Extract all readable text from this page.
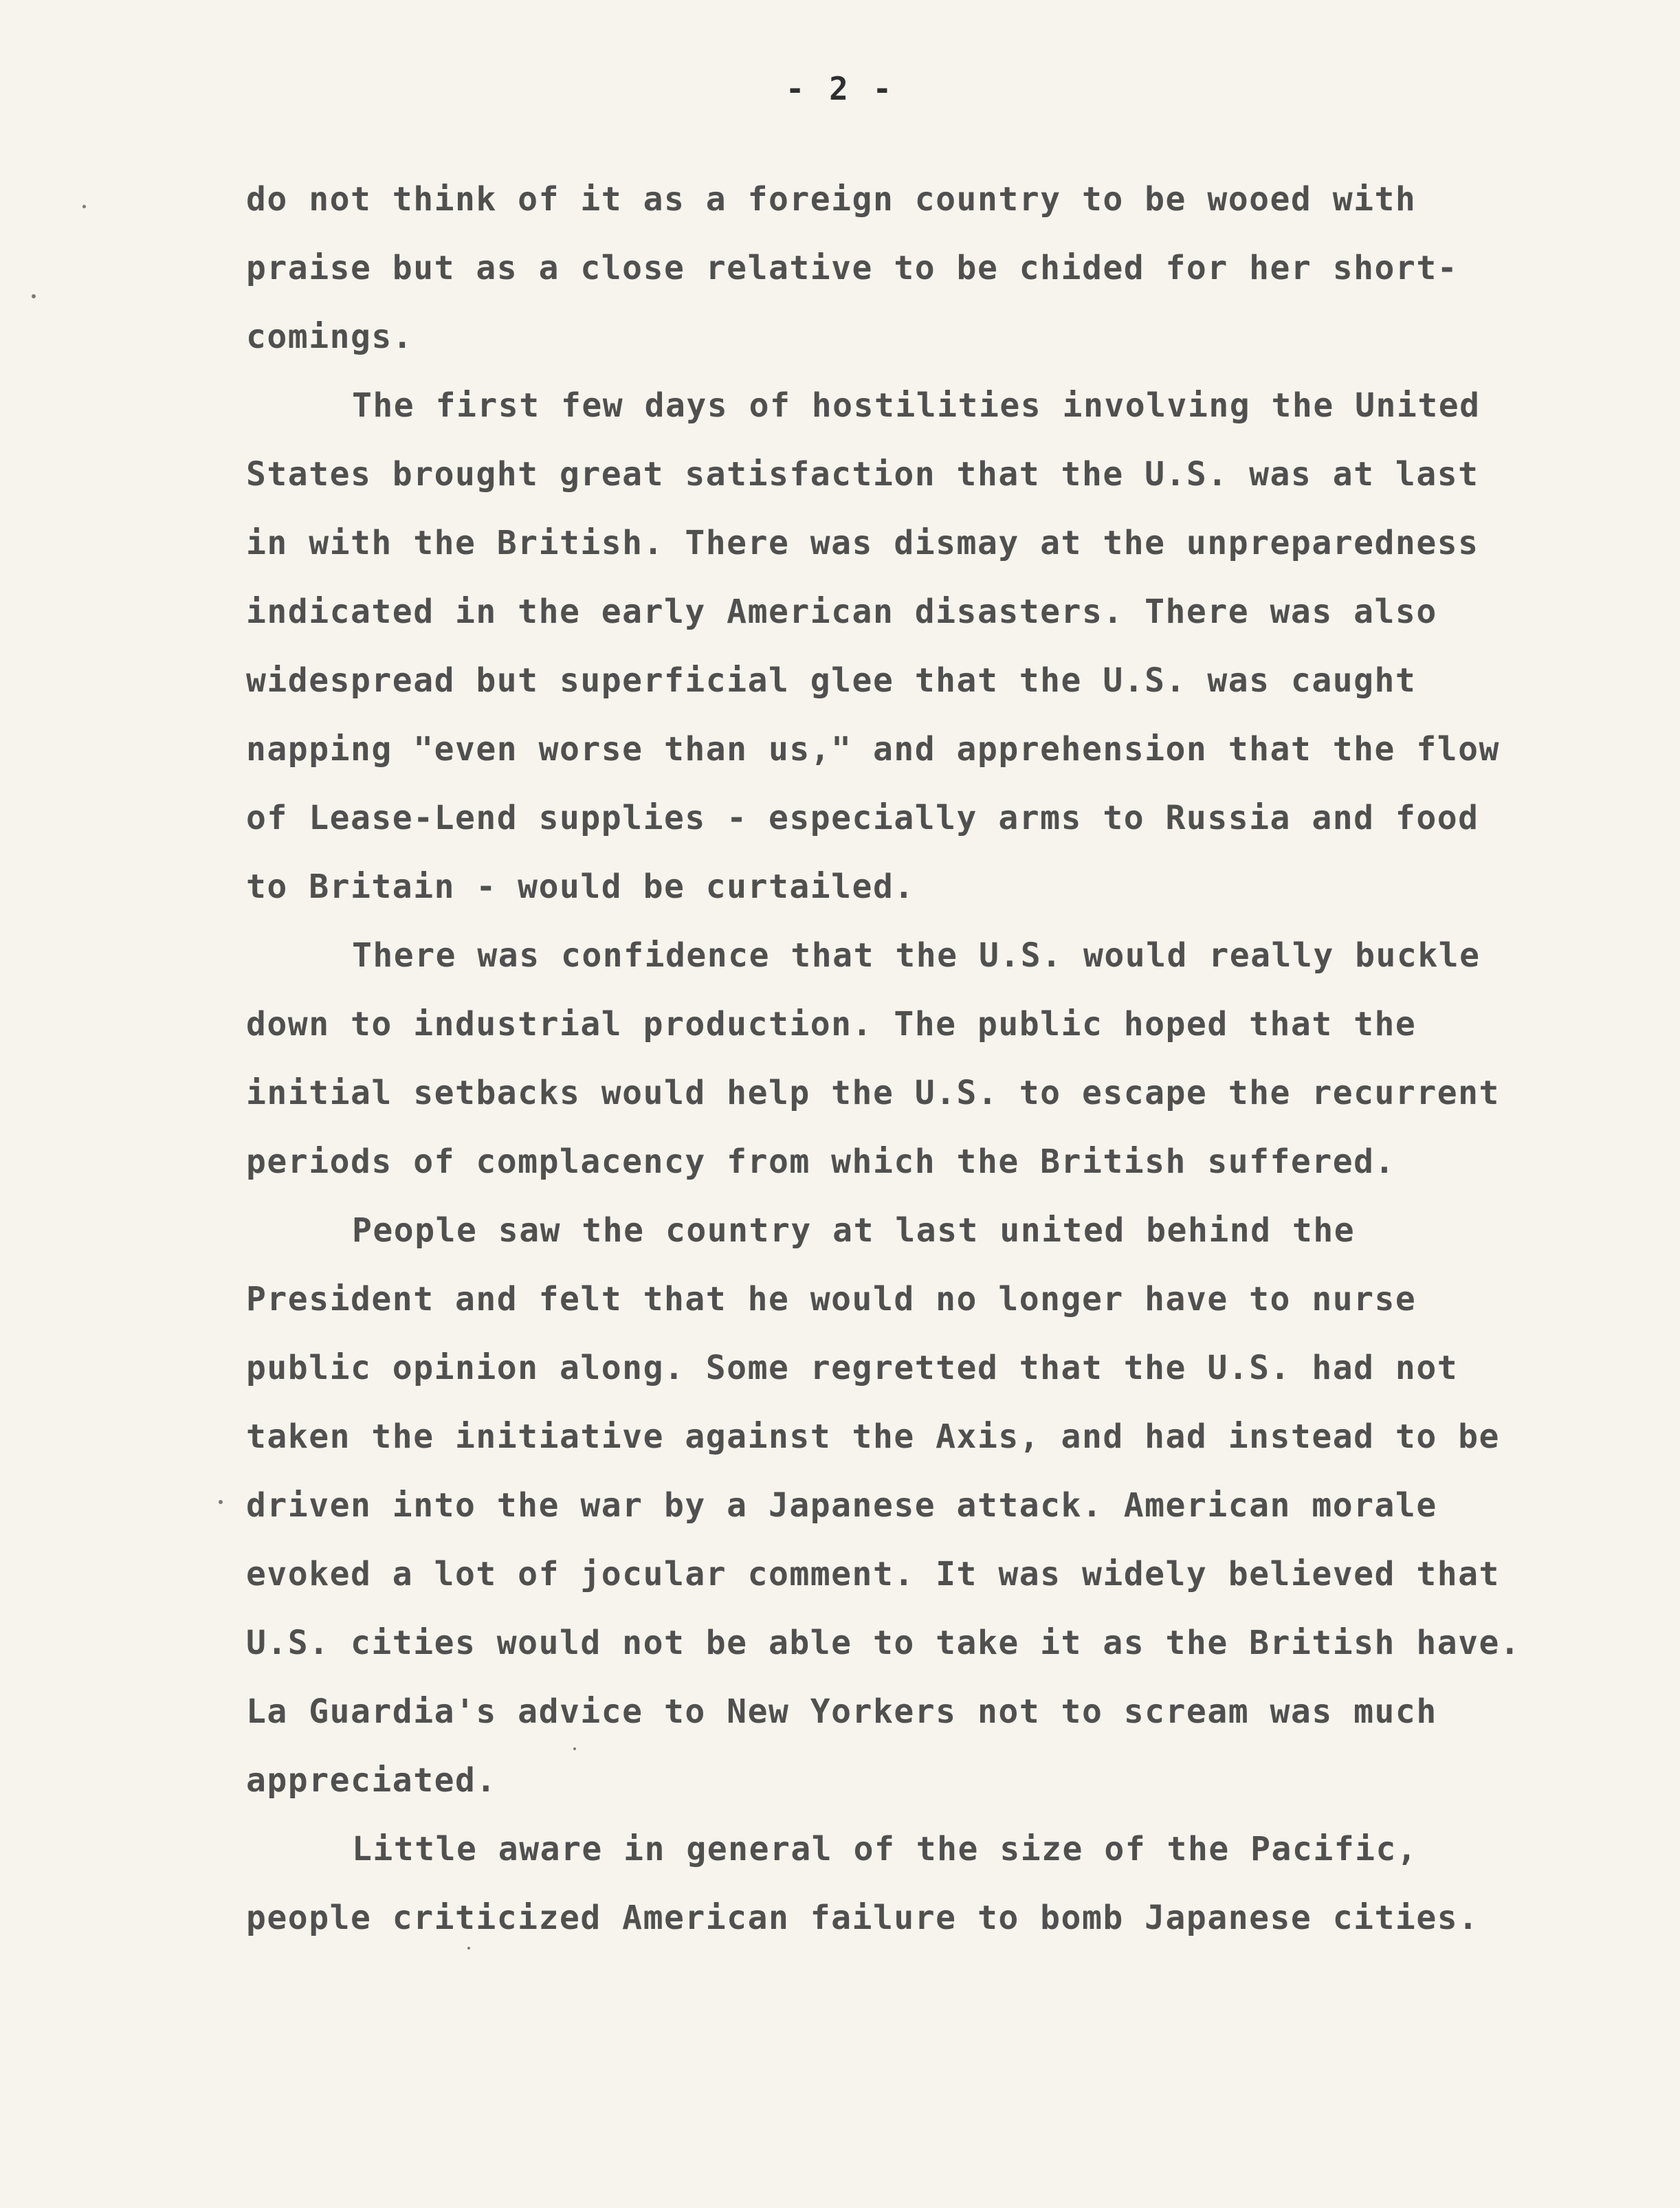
- 2 -
do not think of it as a foreign country to be wooed with
praise but as a close relative to be chided for her short-
comings.
The first few days of hostilities involving the United
States brought great satisfaction that the U.S. was at last
in with the British. There was dismay at the unpreparedness
indicated in the early American disasters. There was also
widespread but superficial glee that the U.S. was caught
napping "even worse than us," and apprehension that the flow
of Lease-Lend supplies - especially arms to Russia and food
to Britain - would be curtailed.
There was confidence that the U.S. would really buckle
down to industrial production. The public hoped that the
initial setbacks would help the U.S. to escape the recurrent
periods of complacency from which the British suffered.
People saw the country at last united behind the
President and felt that he would no longer have to nurse
public opinion along. Some regretted that the U.S. had not
taken the initiative against the Axis, and had instead to be
driven into the war by a Japanese attack. American morale
evoked a lot of jocular comment. It was widely believed that
U.S. cities would not be able to take it as the British have.
La Guardia's advice to New Yorkers not to scream was much
appreciated.
Little aware in general of the size of the Pacific,
people criticized American failure to bomb Japanese cities.
